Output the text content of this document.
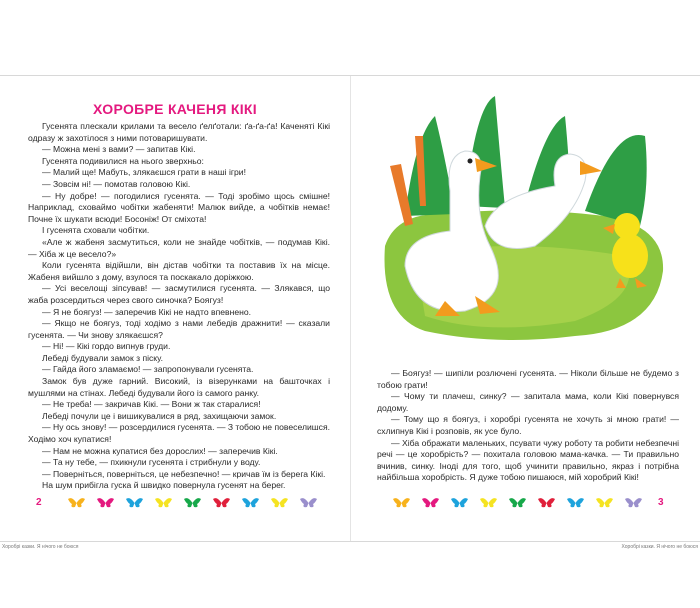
ХОРОБРЕ КАЧЕНЯ КІКІ

Гусенята плескали крилами та весело ґелґотали: ґа-ґа-ґа! Каченяті Кікі одразу ж захотілося з ними потоваришувати.

— Можна мені з вами? — запитав Кікі.

Гусенята подивилися на нього зверхньо:

— Малий ще! Мабуть, злякаєшся грати в наші ігри!

— Зовсім ні! — помотав головою Кікі.

— Ну добре! — погодилися гусенята. — Тоді зробімо щось смішне! Наприклад, сховаймо чобітки жабеняти! Малюк вийде, а чобітків немає! Почне їх шукати всюди! Босоніж! От сміхота!

І гусенята сховали чобітки.

«Але ж жабеня засмутиться, коли не знайде чобітків, — подумав Кікі. — Хіба ж це весело?»

Коли гусенята відійшли, він дістав чобітки та поставив їх на місце. Жабеня вийшло з дому, взулося та поскакало доріжкою.

— Усі веселощі зіпсував! — засмутилися гусенята. — Злякався, що жаба розсердиться через свого синочка? Боягуз!

— Я не боягуз! — заперечив Кікі не надто впевнено.

— Якщо не боягуз, тоді ходімо з нами лебедів дражнити! — сказали гусенята. — Чи знову злякаєшся?

— Ні! — Кікі гордо випнув груди.

Лебеді будували замок з піску.

— Гайда його зламаємо! — запропонували гусенята.

Замок був дуже гарний. Високий, із візерунками на башточках і мушлями на стінах. Лебеді будували його із самого ранку.

— Не треба! — закричав Кікі. — Вони ж так старалися!

Лебеді почули це і вишикувалися в ряд, захищаючи замок.

— Ну ось знову! — розсердилися гусенята. — З тобою не повеселишся. Ходімо хоч купатися!

— Нам не можна купатися без дорослих! — заперечив Кікі.

— Та ну тебе, — пхикнули гусенята і стрибнули у воду.

— Поверніться, поверніться, це небезпечно! — кричав їм із берега Кікі.

На шум прибігла гуска й швидко повернула гусенят на берег.

2
Хоробрі казки. Я нічого не боюся

— Боягуз! — шипіли розлючені гусенята. — Ніколи більше не будемо з тобою грати!

— Чому ти плачеш, синку? — запитала мама, коли Кікі повернувся додому.

— Тому що я боягуз, і хоробрі гусенята не хочуть зі мною грати! — схлипнув Кікі і розповів, як усе було.

— Хіба ображати маленьких, псувати чужу роботу та робити небезпечні речі — це хоробрість? — похитала головою мама-качка. — Ти правильно вчинив, синку. Іноді для того, щоб учинити правильно, якраз і потрібна найбільша хоробрість. Я дуже тобою пишаюся, мій хоробрий Кікі!

3
Хоробрі казки. Я нічого не боюся
